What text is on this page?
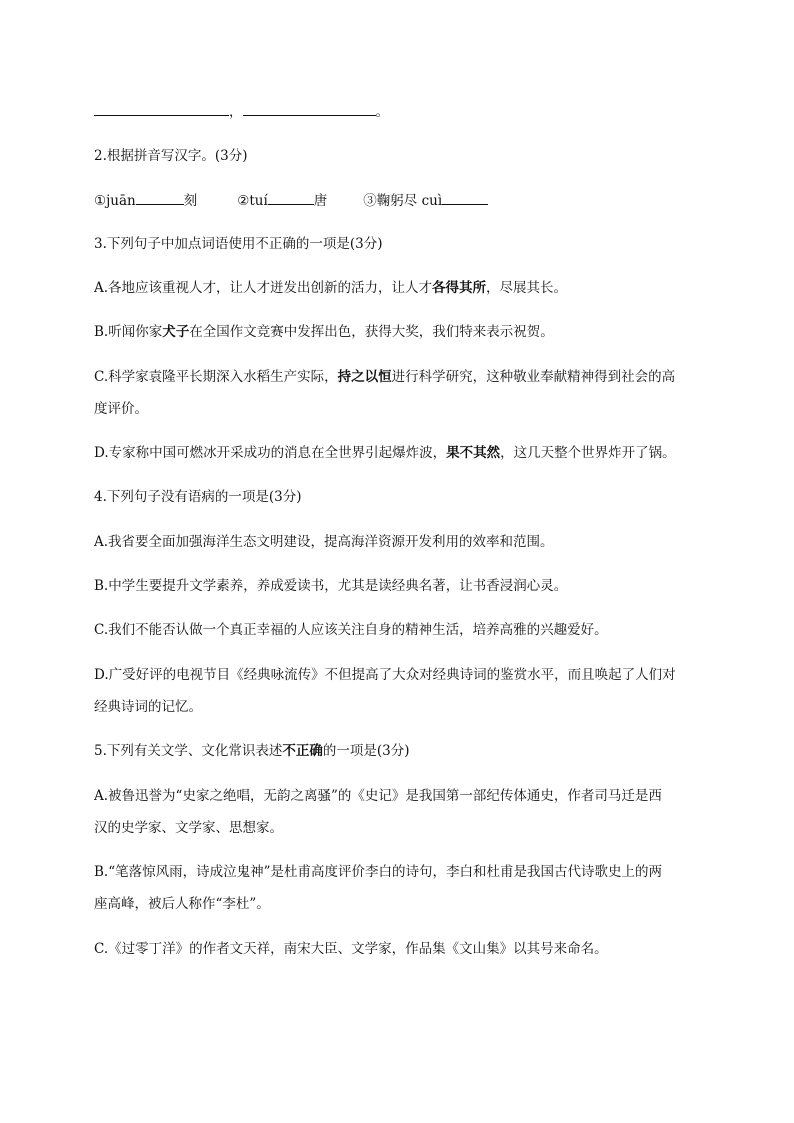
，	。
2.根据拼音写汉字。(3分)
①juān	刻	②tuí	唐	③鞠躬尽 cuì
3.下列句子中加点词语使用不正确的一项是(3分)
A.各地应该重视人才，让人才迸发出创新的活力，让人才各得其所，尽展其长。
B.听闻你家犬子在全国作文竞赛中发挥出色，获得大奖，我们特来表示祝贺。
C.科学家袁隆平长期深入水稻生产实际，持之以恒进行科学研究，这种敬业奉献精神得到社会的高
度评价。
D.专家称中国可燃冰开采成功的消息在全世界引起爆炸波，果不其然，这几天整个世界炸开了锅。
4.下列句子没有语病的一项是(3分)
A.我省要全面加强海洋生态文明建设，提高海洋资源开发利用的效率和范围。
B.中学生要提升文学素养，养成爱读书，尤其是读经典名著，让书香浸润心灵。
C.我们不能否认做一个真正幸福的人应该关注自身的精神生活，培养高雅的兴趣爱好。
D.广受好评的电视节目《经典咏流传》不但提高了大众对经典诗词的鉴赏水平，而且唤起了人们对
经典诗词的记忆。
5.下列有关文学、文化常识表述不正确的一项是(3分)
A.被鲁迅誉为“史家之绝唱，无韵之离骚”的《史记》是我国第一部纪传体通史，作者司马迁是西
汉的史学家、文学家、思想家。
B.“笔落惊风雨，诗成泣鬼神”是杜甫高度评价李白的诗句，李白和杜甫是我国古代诗歌史上的两
座高峰，被后人称作“李杜”。
C.《过零丁洋》的作者文天祥，南宋大臣、文学家，作品集《文山集》以其号来命名。
